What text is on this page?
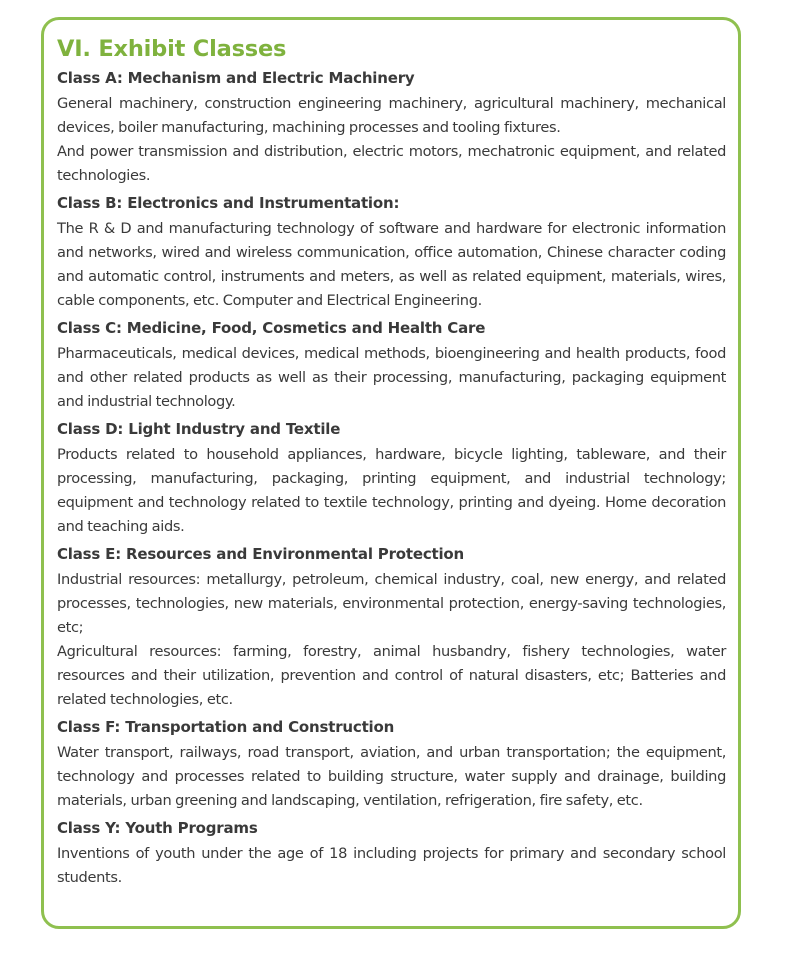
VI. Exhibit Classes
Class A: Mechanism and Electric Machinery

General machinery, construction engineering machinery, agricultural machinery, mechanical devices, boiler manufacturing, machining processes and tooling fixtures.

And power transmission and distribution, electric motors, mechatronic equipment, and related technologies.

Class B: Electronics and Instrumentation:

The R & D and manufacturing technology of software and hardware for electronic information and networks, wired and wireless communication, office automation, Chinese character coding and automatic control, instruments and meters, as well as related equipment, materials, wires, cable components, etc. Computer and Electrical Engineering.

Class C: Medicine, Food, Cosmetics and Health Care

Pharmaceuticals, medical devices, medical methods, bioengineering and health products, food and other related products as well as their processing, manufacturing, packaging equipment and industrial technology.

Class D: Light Industry and Textile

Products related to household appliances, hardware, bicycle lighting, tableware, and their processing, manufacturing, packaging, printing equipment, and industrial technology; equipment and technology related to textile technology, printing and dyeing. Home decoration and teaching aids.

Class E: Resources and Environmental Protection

Industrial resources: metallurgy, petroleum, chemical industry, coal, new energy, and related processes, technologies, new materials, environmental protection, energy-saving technologies, etc;

Agricultural resources: farming, forestry, animal husbandry, fishery technologies, water resources and their utilization, prevention and control of natural disasters, etc; Batteries and related technologies, etc.

Class F: Transportation and Construction

Water transport, railways, road transport, aviation, and urban transportation; the equipment, technology and processes related to building structure, water supply and drainage, building materials, urban greening and landscaping, ventilation, refrigeration, fire safety, etc.

Class Y: Youth Programs

Inventions of youth under the age of 18 including projects for primary and secondary school students.
